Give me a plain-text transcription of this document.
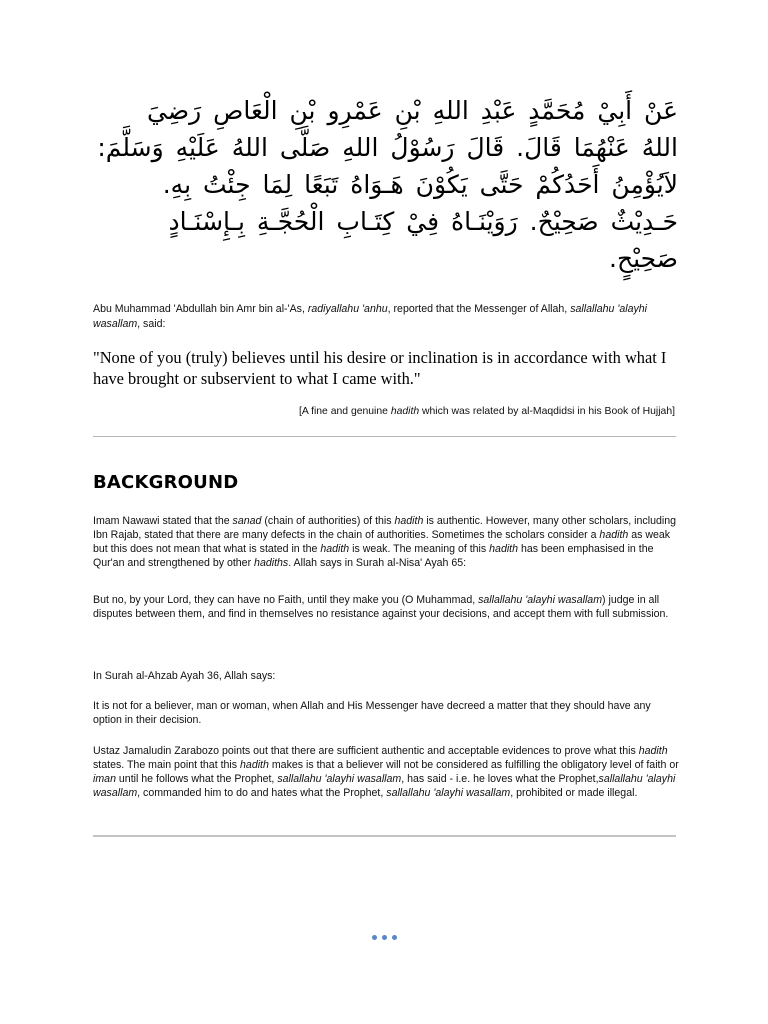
عَنْ أَبِيْ مُحَمَّدٍ عَبْدِ اللهِ بْنِ عَمْرِو بْنِ الْعَاصِ رَضِيَ
اللهُ عَنْهُمَا قَالَ. قَالَ رَسُوْلُ اللهِ صَلَّى اللهُ عَلَيْهِ وَسَلَّمَ:
لاَيُؤْمِنُ أَحَدُكُمْ حَتَّى يَكُوْنَ هَـوَاهُ تَبَعًا لِمَا جِئْتُ بِهِ.
حَـدِيْثٌ صَحِيْحٌ. رَوَيْنَـاهُ فِيْ كِتَـابِ الْحُجَّـةِ بِـإِسْنَـادٍ
صَحِيْحٍ.
Abu Muhammad 'Abdullah bin Amr bin al-'As, radiyallahu 'anhu, reported that the Messenger of Allah, sallallahu 'alayhi wasallam, said:
"None of you (truly) believes until his desire or inclination is in accordance with what I have brought or subservient to what I came with."
[A fine and genuine hadith which was related by al-Maqdidsi in his Book of Hujjah]
BACKGROUND
Imam Nawawi stated that the sanad (chain of authorities) of this hadith is authentic. However, many other scholars, including Ibn Rajab, stated that there are many defects in the chain of authorities. Sometimes the scholars consider a hadith as weak but this does not mean that what is stated in the hadith is weak. The meaning of this hadith has been emphasised in the Qur'an and strengthened by other hadiths. Allah says in Surah al-Nisa' Ayah 65:
But no, by your Lord, they can have no Faith, until they make you (O Muhammad, sallallahu 'alayhi wasallam) judge in all disputes between them, and find in themselves no resistance against your decisions, and accept them with full submission.
In Surah al-Ahzab Ayah 36, Allah says:
It is not for a believer, man or woman, when Allah and His Messenger have decreed a matter that they should have any option in their decision.
Ustaz Jamaludin Zarabozo points out that there are sufficient authentic and acceptable evidences to prove what this hadith states. The main point that this hadith makes is that a believer will not be considered as fulfilling the obligatory level of faith or iman until he follows what the Prophet, sallallahu 'alayhi wasallam, has said - i.e. he loves what the Prophet,sallallahu 'alayhi wasallam, commanded him to do and hates what the Prophet, sallallahu 'alayhi wasallam, prohibited or made illegal.
